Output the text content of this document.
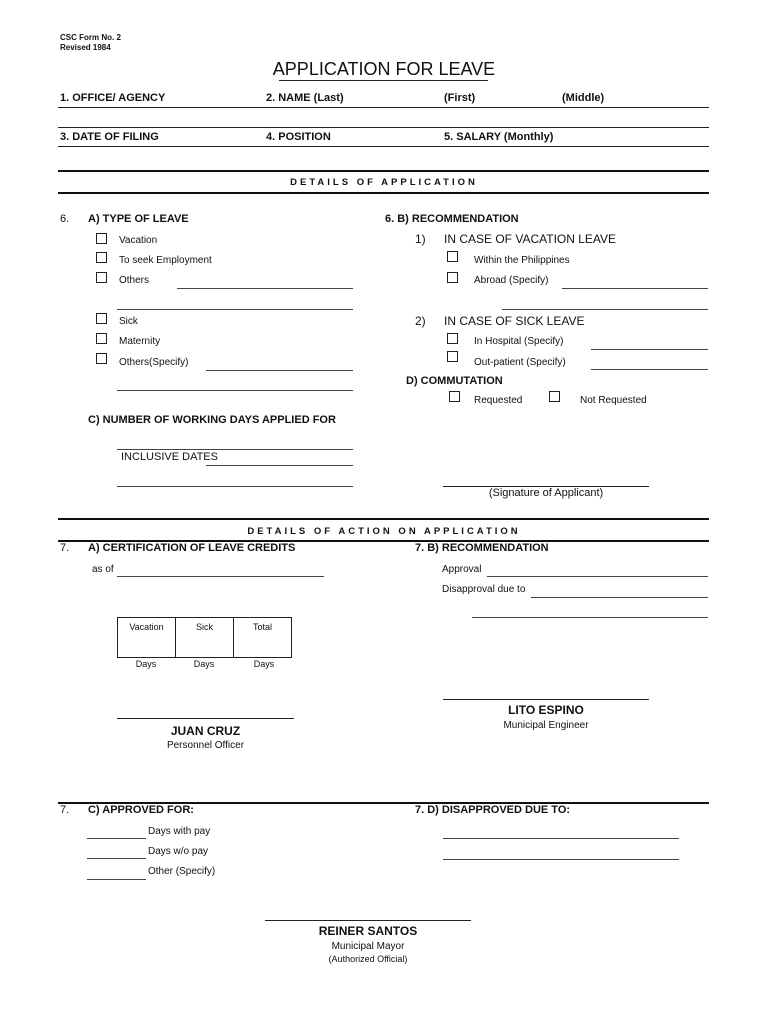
CSC Form No. 2
Revised 1984
APPLICATION FOR LEAVE
1. OFFICE/ AGENCY	2. NAME (Last)	(First)	(Middle)
3. DATE OF FILING	4. POSITION	5. SALARY (Monthly)
DETAILS OF APPLICATION
6. A) TYPE OF LEAVE
Vacation
To seek Employment
Others
Sick
Maternity
Others(Specify)
C) NUMBER OF WORKING DAYS APPLIED FOR
INCLUSIVE DATES
6. B) RECOMMENDATION
1) IN CASE OF VACATION LEAVE
Within the Philippines
Abroad (Specify)
2) IN CASE OF SICK LEAVE
In Hospital (Specify)
Out-patient (Specify)
D) COMMUTATION
Requested	Not Requested
(Signature of Applicant)
DETAILS OF ACTION ON APPLICATION
7. A) CERTIFICATION OF LEAVE CREDITS
as of
Vacation	Sick	Total
Days	Days	Days
JUAN CRUZ
Personnel Officer
7. B) RECOMMENDATION
Approval
Disapproval due to
LITO ESPINO
Municipal Engineer
7. C) APPROVED FOR:
Days with pay
Days w/o pay
Other (Specify)
7. D) DISAPPROVED DUE TO:
REINER SANTOS
Municipal Mayor
(Authorized Official)
